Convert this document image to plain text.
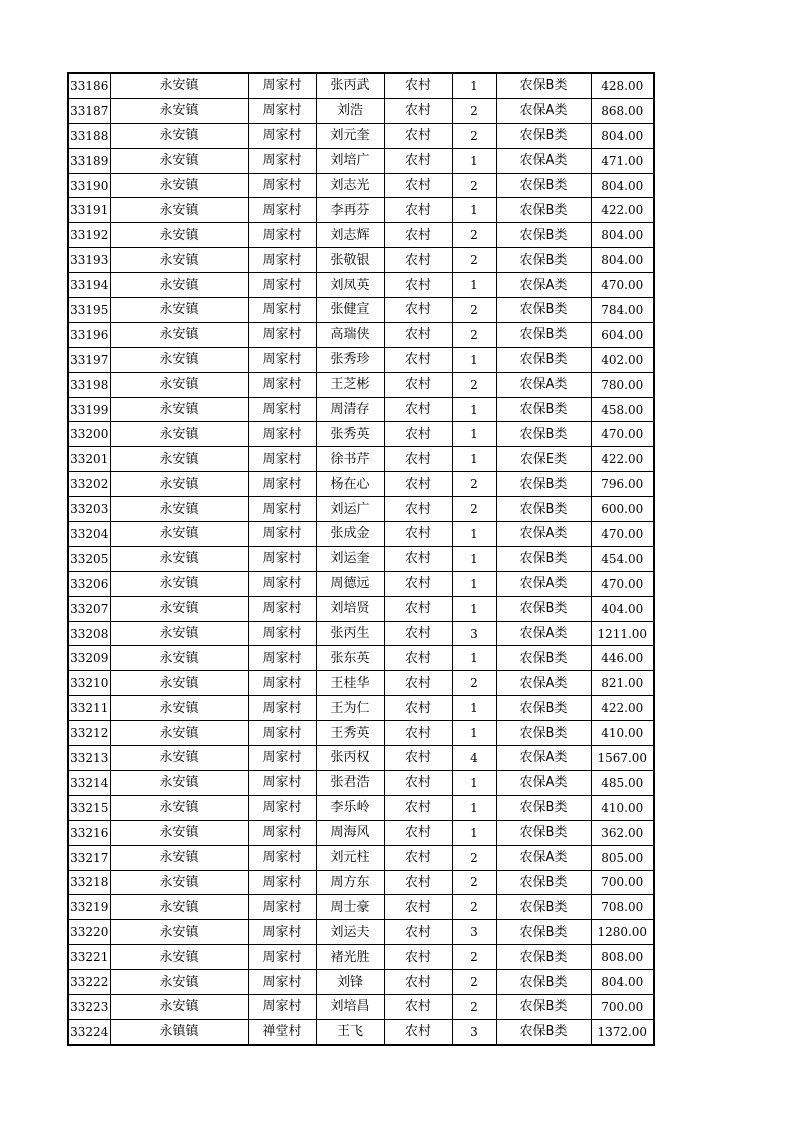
33186	永安镇	周家村	张丙武	农村	1	农保B类	428.00
33187	永安镇	周家村	刘浩	农村	2	农保A类	868.00
33188	永安镇	周家村	刘元奎	农村	2	农保B类	804.00
33189	永安镇	周家村	刘培广	农村	1	农保A类	471.00
33190	永安镇	周家村	刘志光	农村	2	农保B类	804.00
33191	永安镇	周家村	李再芬	农村	1	农保B类	422.00
33192	永安镇	周家村	刘志辉	农村	2	农保B类	804.00
33193	永安镇	周家村	张敬银	农村	2	农保B类	804.00
33194	永安镇	周家村	刘凤英	农村	1	农保A类	470.00
33195	永安镇	周家村	张健宣	农村	2	农保B类	784.00
33196	永安镇	周家村	高瑞侠	农村	2	农保B类	604.00
33197	永安镇	周家村	张秀珍	农村	1	农保B类	402.00
33198	永安镇	周家村	王芝彬	农村	2	农保A类	780.00
33199	永安镇	周家村	周清存	农村	1	农保B类	458.00
33200	永安镇	周家村	张秀英	农村	1	农保B类	470.00
33201	永安镇	周家村	徐书芹	农村	1	农保E类	422.00
33202	永安镇	周家村	杨在心	农村	2	农保B类	796.00
33203	永安镇	周家村	刘运广	农村	2	农保B类	600.00
33204	永安镇	周家村	张成金	农村	1	农保A类	470.00
33205	永安镇	周家村	刘运奎	农村	1	农保B类	454.00
33206	永安镇	周家村	周德远	农村	1	农保A类	470.00
33207	永安镇	周家村	刘培贤	农村	1	农保B类	404.00
33208	永安镇	周家村	张丙生	农村	3	农保A类	1211.00
33209	永安镇	周家村	张东英	农村	1	农保B类	446.00
33210	永安镇	周家村	王桂华	农村	2	农保A类	821.00
33211	永安镇	周家村	王为仁	农村	1	农保B类	422.00
33212	永安镇	周家村	王秀英	农村	1	农保B类	410.00
33213	永安镇	周家村	张丙权	农村	4	农保A类	1567.00
33214	永安镇	周家村	张君浩	农村	1	农保A类	485.00
33215	永安镇	周家村	李乐岭	农村	1	农保B类	410.00
33216	永安镇	周家村	周海风	农村	1	农保B类	362.00
33217	永安镇	周家村	刘元柱	农村	2	农保A类	805.00
33218	永安镇	周家村	周方东	农村	2	农保B类	700.00
33219	永安镇	周家村	周士豪	农村	2	农保B类	708.00
33220	永安镇	周家村	刘运夫	农村	3	农保B类	1280.00
33221	永安镇	周家村	褚光胜	农村	2	农保B类	808.00
33222	永安镇	周家村	刘锋	农村	2	农保B类	804.00
33223	永安镇	周家村	刘培昌	农村	2	农保B类	700.00
33224	永镇镇	禅堂村	王飞	农村	3	农保B类	1372.00
